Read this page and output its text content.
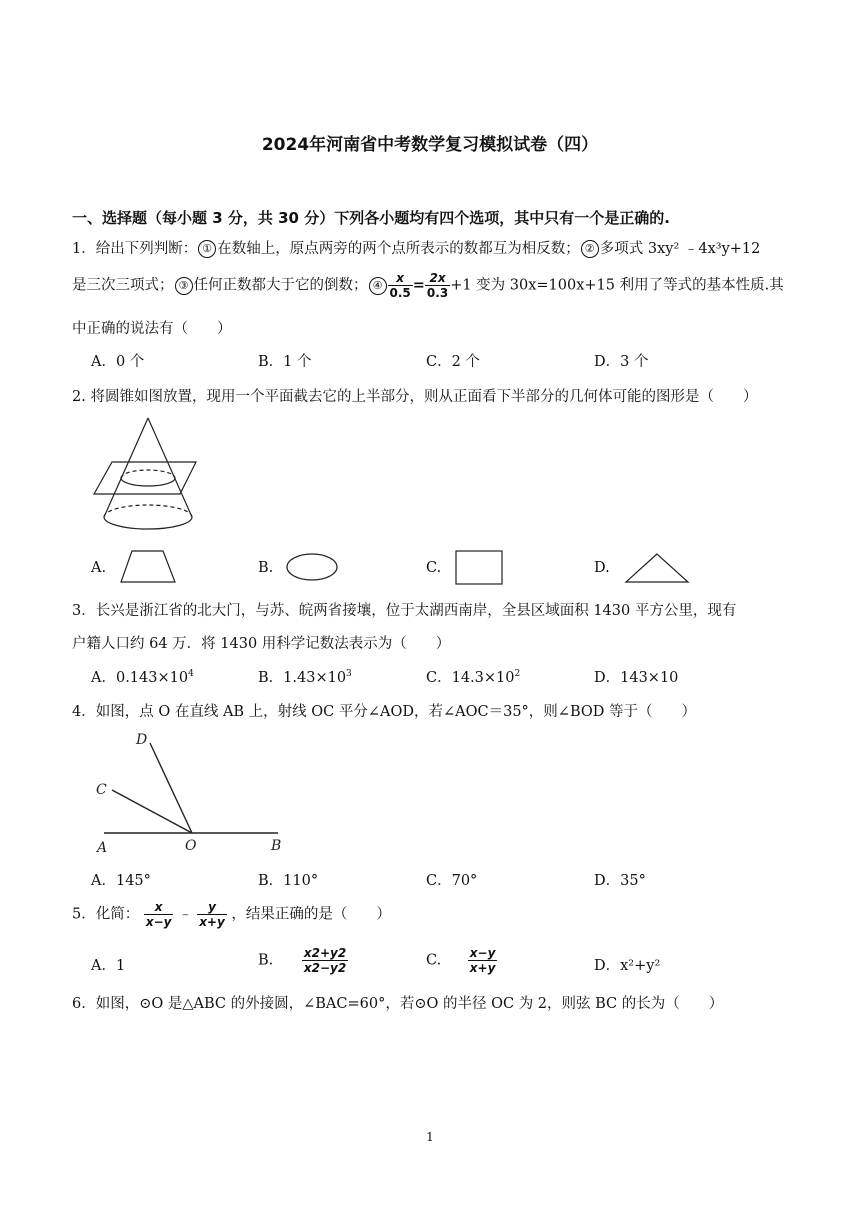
2024年河南省中考数学复习模拟试卷（四）
一、选择题（每小题 3 分，共 30 分）下列各小题均有四个选项，其中只有一个是正确的.
1．给出下列判断： ① 在数轴上，原点两旁的两个点所表示的数都互为相反数； ② 多项式 3xy² ﹣4x³y+12
是三次三项式； ③ 任何正数都大于它的倒数； ④ $\frac{x}{0.5} = \frac{2x}{0.3} +1$ 变为 30x=100x+15 利用了等式的基本性质.其
中正确的说法有（　　）
A．0 个	B．1 个	C．2 个	D．3 个
2. 将圆锥如图放置，现用一个平面截去它的上半部分，则从正面看下半部分的几何体可能的图形是（　　）
A.	B.	C.	D.
3．长兴是浙江省的北大门，与苏、皖两省接壤，位于太湖西南岸，全县区域面积 1430 平方公里，现有
户籍人口约 64 万．将 1430 用科学记数法表示为（　　）
A．$0.143\times 10^4$	B．$1.43\times 10^3$	C．$14.3\times 10^2$	D．143×10
4．如图，点 O 在直线 AB 上，射线 OC 平分∠AOD，若∠AOC＝35°，则∠BOD 等于（　　）
D
C
A	O	B
A．145°	B．110°	C．70°	D．35°
5．化简： $\frac{x}{x-y}$ ﹣ $\frac{y}{x+y}$ ，结果正确的是（　　）
A．1	B. $\frac{x2+y2}{x2-y2}$	C. $\frac{x-y}{x+y}$	D．x²+y²
6．如图，⊙O 是△ABC 的外接圆，∠BAC=60°，若⊙O 的半径 OC 为 2，则弦 BC 的长为（　　）
1
